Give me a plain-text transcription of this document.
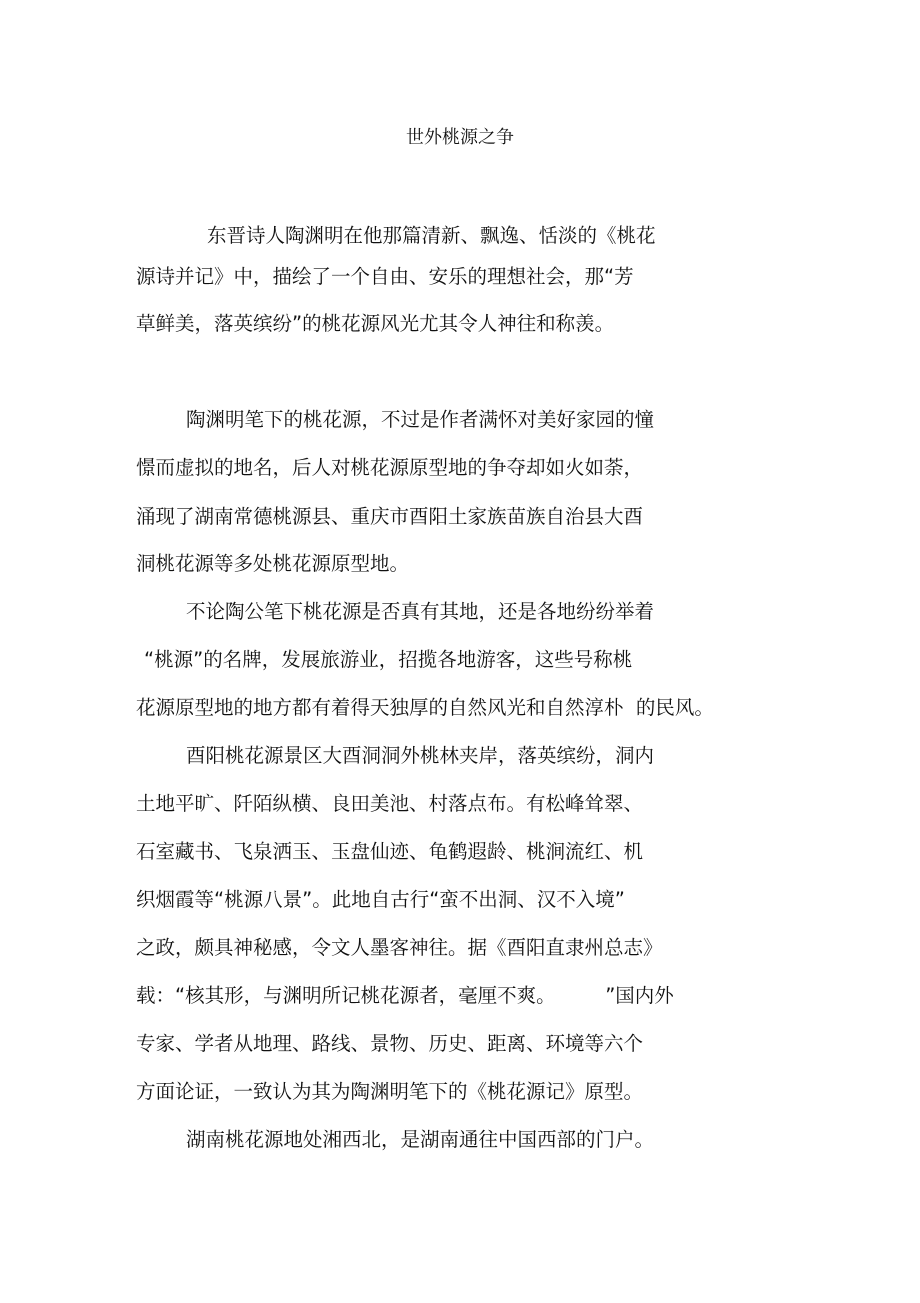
世外桃源之争
东晋诗人陶渊明在他那篇清新、飘逸、恬淡的《桃花
源诗并记》中，描绘了一个自由、安乐的理想社会，那“芳
草鲜美，落英缤纷”的桃花源风光尤其令人神往和称羡。
陶渊明笔下的桃花源，不过是作者满怀对美好家园的憧
憬而虚拟的地名，后人对桃花源原型地的争夺却如火如荼，
涌现了湖南常德桃源县、重庆市酉阳土家族苗族自治县大酉
洞桃花源等多处桃花源原型地。
不论陶公笔下桃花源是否真有其地，还是各地纷纷举着
“桃源”的名牌，发展旅游业，招揽各地游客，这些号称桃
花源原型地的地方都有着得天独厚的自然风光和自然淳朴  的民风。
酉阳桃花源景区大酉洞洞外桃林夹岸，落英缤纷，洞内
土地平旷、阡陌纵横、良田美池、村落点布。有松峰耸翠、
石室藏书、飞泉洒玉、玉盘仙迹、龟鹤遐龄、桃涧流红、机
织烟霞等“桃源八景”。此地自古行“蛮不出洞、汉不入境”
之政，颇具神秘感，令文人墨客神往。据《酉阳直隶州总志》
载：“核其形，与渊明所记桃花源者，毫厘不爽。        ”国内外
专家、学者从地理、路线、景物、历史、距离、环境等六个
方面论证，一致认为其为陶渊明笔下的《桃花源记》原型。
湖南桃花源地处湘西北，是湖南通往中国西部的门户。
